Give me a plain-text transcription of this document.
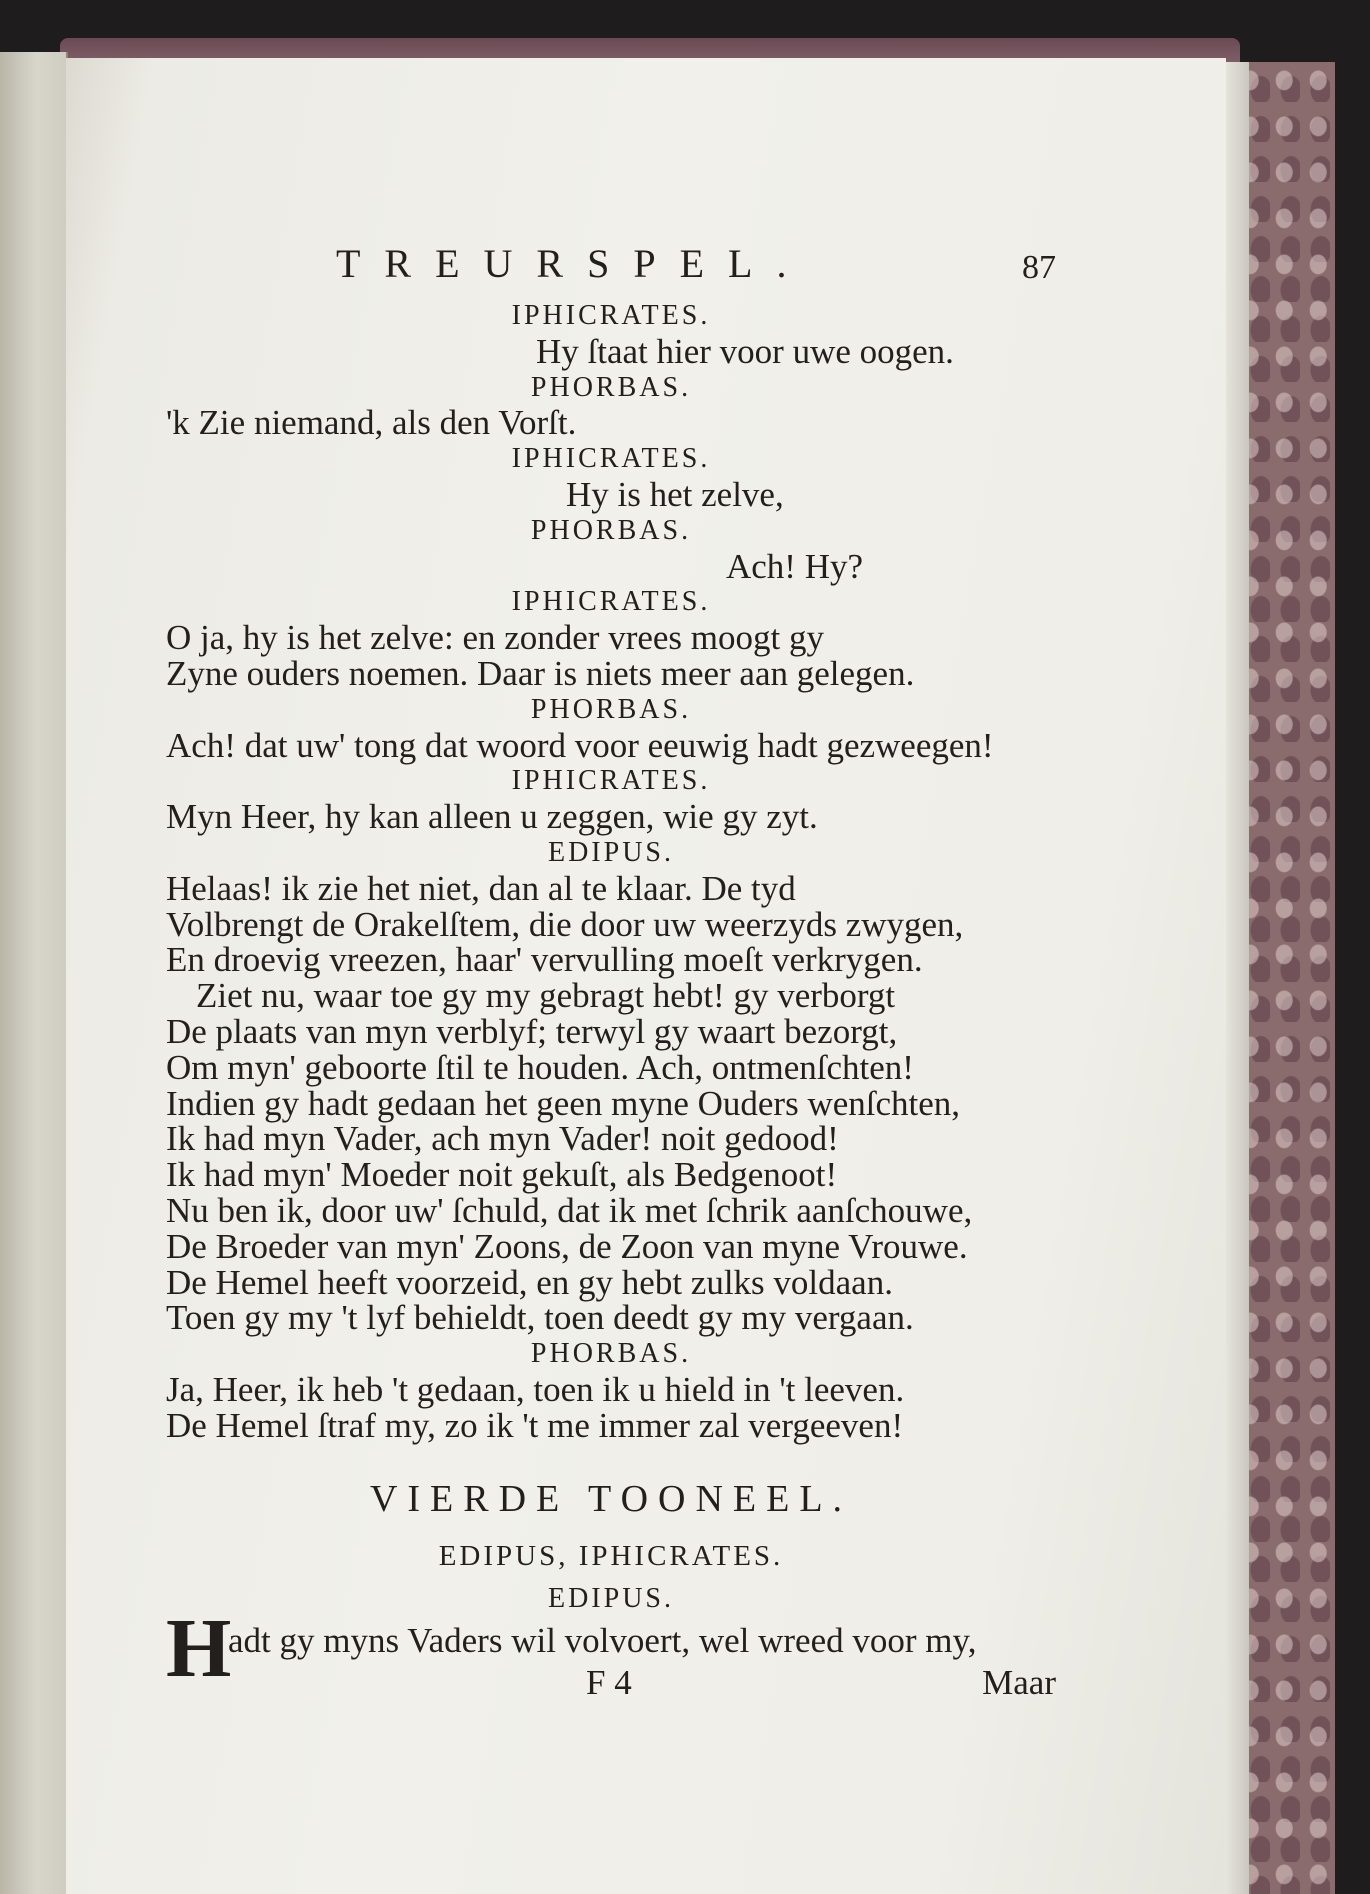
TREURSPEL.	87
IPHICRATES.
Hy ſtaat hier voor uwe oogen.
PHORBAS.
'k Zie niemand, als den Vorſt.
IPHICRATES.
Hy is het zelve,
PHORBAS.
Ach! Hy?
IPHICRATES.
O ja, hy is het zelve: en zonder vrees moogt gy
Zyne ouders noemen. Daar is niets meer aan gelegen.
PHORBAS.
Ach! dat uw' tong dat woord voor eeuwig hadt gezweegen!
IPHICRATES.
Myn Heer, hy kan alleen u zeggen, wie gy zyt.
EDIPUS.
Helaas! ik zie het niet, dan al te klaar. De tyd
Volbrengt de Orakelſtem, die door uw weerzyds zwygen,
En droevig vreezen, haar' vervulling moeſt verkrygen.
Ziet nu, waar toe gy my gebragt hebt! gy verborgt
De plaats van myn verblyf; terwyl gy waart bezorgt,
Om myn' geboorte ſtil te houden. Ach, ontmenſchten!
Indien gy hadt gedaan het geen myne Ouders wenſchten,
Ik had myn Vader, ach myn Vader! noit gedood!
Ik had myn' Moeder noit gekuſt, als Bedgenoot!
Nu ben ik, door uw' ſchuld, dat ik met ſchrik aanſchouwe,
De Broeder van myn' Zoons, de Zoon van myne Vrouwe.
De Hemel heeft voorzeid, en gy hebt zulks voldaan.
Toen gy my 't lyf behieldt, toen deedt gy my vergaan.
PHORBAS.
Ja, Heer, ik heb 't gedaan, toen ik u hield in 't leeven.
De Hemel ſtraf my, zo ik 't me immer zal vergeeven!
VIERDE TOONEEL.
EDIPUS, IPHICRATES.
EDIPUS.
H
adt gy myns Vaders wil volvoert, wel wreed voor my,
F 4	Maar
